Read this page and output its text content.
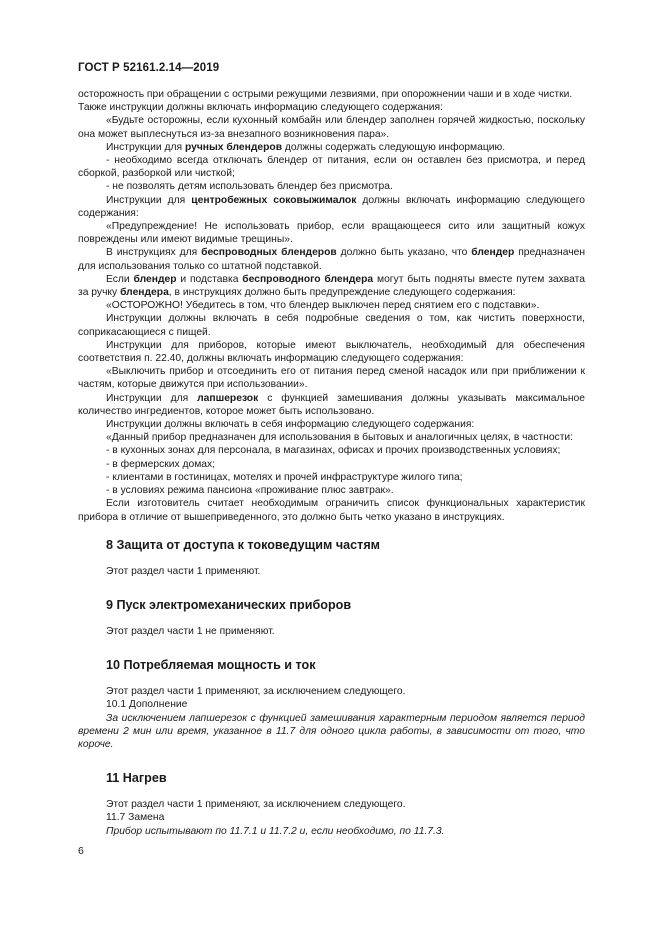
ГОСТ Р 52161.2.14—2019

осторожность при обращении с острыми режущими лезвиями, при опорожнении чаши и в ходе чистки.

Также инструкции должны включать информацию следующего содержания:

«Будьте осторожны, если кухонный комбайн или блендер заполнен горячей жидкостью, поскольку она может выплеснуться из-за внезапного возникновения пара».

Инструкции для ручных блендеров должны содержать следующую информацию.

- необходимо всегда отключать блендер от питания, если он оставлен без присмотра, и перед сборкой, разборкой или чисткой;

- не позволять детям использовать блендер без присмотра.

Инструкции для центробежных соковыжималок должны включать информацию следующего содержания:

«Предупреждение! Не использовать прибор, если вращающееся сито или защитный кожух повреждены или имеют видимые трещины».

В инструкциях для беспроводных блендеров должно быть указано, что блендер предназначен для использования только со штатной подставкой.

Если блендер и подставка беспроводного блендера могут быть подняты вместе путем захвата за ручку блендера, в инструкциях должно быть предупреждение следующего содержания:

«ОСТОРОЖНО! Убедитесь в том, что блендер выключен перед снятием его с подставки».

Инструкции должны включать в себя подробные сведения о том, как чистить поверхности, соприкасающиеся с пищей.

Инструкции для приборов, которые имеют выключатель, необходимый для обеспечения соответствия п. 22.40, должны включать информацию следующего содержания:

«Выключить прибор и отсоединить его от питания перед сменой насадок или при приближении к частям, которые движутся при использовании».

Инструкции для лапшерезок с функцией замешивания должны указывать максимальное количество ингредиентов, которое может быть использовано.

Инструкции должны включать в себя информацию следующего содержания:

«Данный прибор предназначен для использования в бытовых и аналогичных целях, в частности:

- в кухонных зонах для персонала, в магазинах, офисах и прочих производственных условиях;

- в фермерских домах;

- клиентами в гостиницах, мотелях и прочей инфраструктуре жилого типа;

- в условиях режима пансиона «проживание плюс завтрак».

Если изготовитель считает необходимым ограничить список функциональных характеристик прибора в отличие от вышеприведенного, это должно быть четко указано в инструкциях.

8 Защита от доступа к токоведущим частям

Этот раздел части 1 применяют.

9 Пуск электромеханических приборов

Этот раздел части 1 не применяют.

10 Потребляемая мощность и ток

Этот раздел части 1 применяют, за исключением следующего.

10.1 Дополнение

За исключением лапшерезок с функцией замешивания характерным периодом является период времени 2 мин или время, указанное в 11.7 для одного цикла работы, в зависимости от того, что короче.

11 Нагрев

Этот раздел части 1 применяют, за исключением следующего.

11.7 Замена

Прибор испытывают по 11.7.1 и 11.7.2 и, если необходимо, по 11.7.3.

6
